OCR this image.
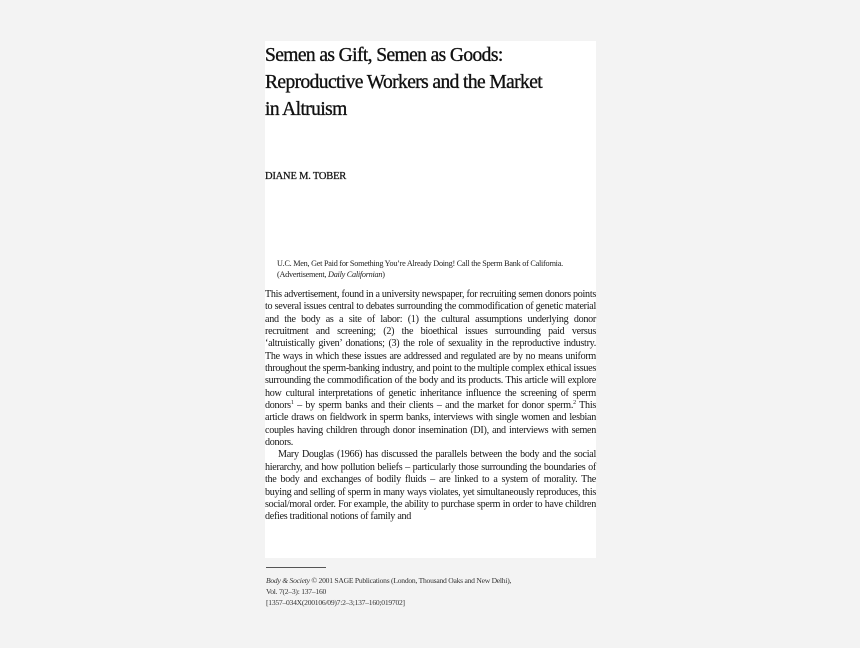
Semen as Gift, Semen as Goods:
Reproductive Workers and the Market
in Altruism
DIANE M. TOBER
U.C. Men, Get Paid for Something You’re Already Doing! Call the Sperm Bank of California.
(Advertisement, Daily Californian)

This advertisement, found in a university newspaper, for recruiting semen donors points to several issues central to debates surrounding the commodification of genetic material and the body as a site of labor: (1) the cultural assumptions underlying donor recruitment and screening; (2) the bioethical issues surrounding paid versus ‘altruistically given’ donations; (3) the role of sexuality in the reproductive industry. The ways in which these issues are addressed and regulated are by no means uniform throughout the sperm-banking industry, and point to the multiple complex ethical issues surrounding the commodification of the body and its products. This article will explore how cultural interpretations of genetic inheritance influence the screening of sperm donors$^1$ – by sperm banks and their clients – and the market for donor sperm.$^2$ This article draws on fieldwork in sperm banks, interviews with single women and lesbian couples having children through donor insemination (DI), and interviews with semen donors.

Mary Douglas (1966) has discussed the parallels between the body and the social hierarchy, and how pollution beliefs – particularly those surrounding the boundaries of the body and exchanges of bodily fluids – are linked to a system of morality. The buying and selling of sperm in many ways violates, yet simultaneously reproduces, this social/moral order. For example, the ability to purchase sperm in order to have children defies traditional notions of family and

Body & Society © 2001 SAGE Publications (London, Thousand Oaks and New Delhi),
Vol. 7(2–3): 137–160
[1357–034X(200106/09)7:2–3;137–160;019702]
